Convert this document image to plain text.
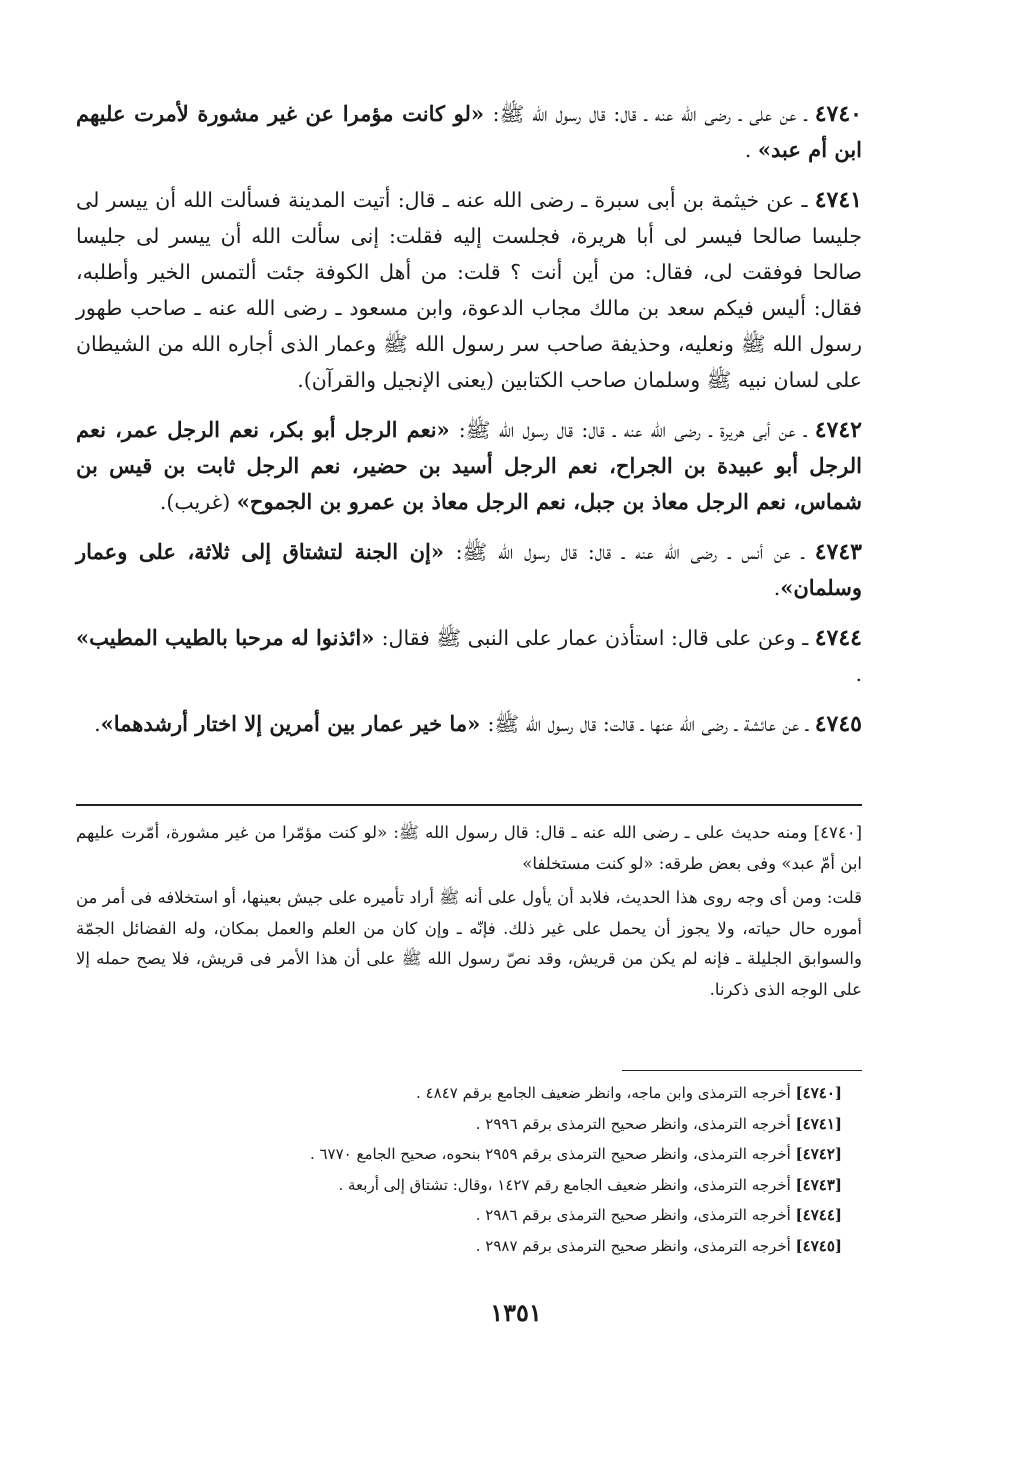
٤٧٤٠ ـ عن على ـ رضى الله عنه ـ قال: قال رسول الله ﷺ: «لو كانت مؤمرا عن غير مشورة لأمرت عليهم ابن أم عبد» .

٤٧٤١ ـ عن خيثمة بن أبى سبرة ـ رضى الله عنه ـ قال: أتيت المدينة فسألت الله أن ييسر لى جليسا صالحا فيسر لى أبا هريرة، فجلست إليه فقلت: إنى سألت الله أن ييسر لى جليسا صالحا فوفقت لى، فقال: من أين أنت ؟ قلت: من أهل الكوفة جئت ألتمس الخير وأطلبه، فقال: أليس فيكم سعد بن مالك مجاب الدعوة، وابن مسعود ـ رضى الله عنه ـ صاحب طهور رسول الله ﷺ ونعليه، وحذيفة صاحب سر رسول الله ﷺ وعمار الذى أجاره الله من الشيطان على لسان نبيه ﷺ وسلمان صاحب الكتابين (يعنى الإنجيل والقرآن).

٤٧٤٢ ـ عن أبى هريرة ـ رضى الله عنه ـ قال: قال رسول الله ﷺ: «نعم الرجل أبو بكر، نعم الرجل عمر، نعم الرجل أبو عبيدة بن الجراح، نعم الرجل أسيد بن حضير، نعم الرجل ثابت بن قيس بن شماس، نعم الرجل معاذ بن جبل، نعم الرجل معاذ بن عمرو بن الجموح» (غريب).

٤٧٤٣ ـ عن أنس ـ رضى الله عنه ـ قال: قال رسول الله ﷺ: «إن الجنة لتشتاق إلى ثلاثة، على وعمار وسلمان».

٤٧٤٤ ـ وعن على قال: استأذن عمار على النبى ﷺ فقال: «ائذنوا له مرحبا بالطيب المطيب» .

٤٧٤٥ ـ عن عائشة ـ رضى الله عنها ـ قالت: قال رسول الله ﷺ: «ما خير عمار بين أمرين إلا اختار أرشدهما».

[٤٧٤٠] ومنه حديث على ـ رضى الله عنه ـ قال: قال رسول الله ﷺ: «لو كنت مؤمّرا من غير مشورة، أمّرت عليهم ابن أمّ عبد» وفى بعض طرقه: «لو كنت مستخلفا»

قلت: ومن أى وجه روى هذا الحديث، فلابد أن يأول على أنه ﷺ أراد تأميره على جيش بعينها، أو استخلافه فى أمر من أموره حال حياته، ولا يجوز أن يحمل على غير ذلك. فإنّه ـ وإن كان من العلم والعمل بمكان، وله الفضائل الجمّة والسوابق الجليلة ـ فإنه لم يكن من قريش، وقد نصّ رسول الله ﷺ على أن هذا الأمر فى قريش، فلا يصح حمله إلا على الوجه الذى ذكرنا.

[٤٧٤٠] أخرجه الترمذى وابن ماجه، وانظر ضعيف الجامع برقم ٤٨٤٧ .
[٤٧٤١] أخرجه الترمذى، وانظر صحيح الترمذى برقم ٢٩٩٦ .
[٤٧٤٢] أخرجه الترمذى، وانظر صحيح الترمذى برقم ٢٩٥٩ بنحوه، صحيح الجامع ٦٧٧٠ .
[٤٧٤٣] أخرجه الترمذى، وانظر ضعيف الجامع رقم ١٤٢٧ ،وقال: تشتاق إلى أربعة .
[٤٧٤٤] أخرجه الترمذى، وانظر صحيح الترمذى برقم ٢٩٨٦ .
[٤٧٤٥] أخرجه الترمذى، وانظر صحيح الترمذى برقم ٢٩٨٧ .
١٣٥١
